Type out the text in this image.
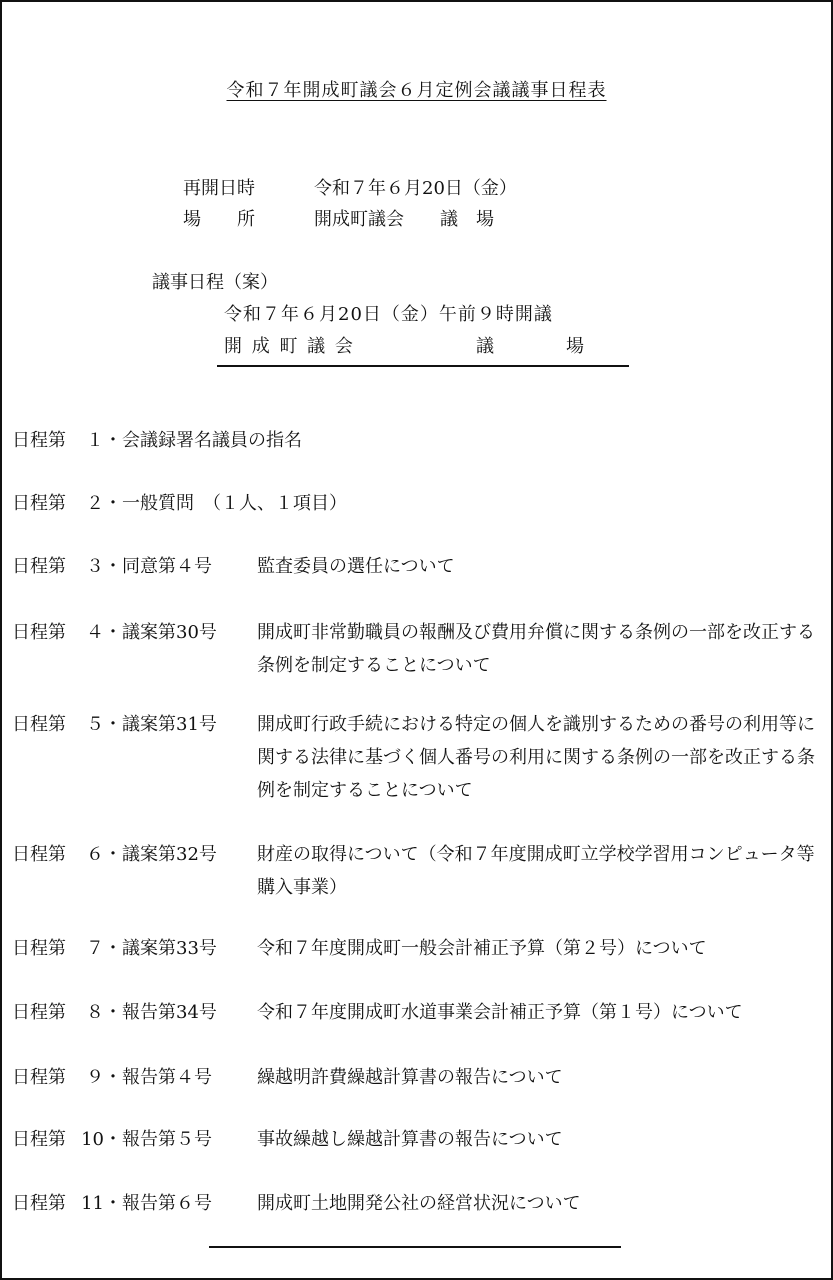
令和７年開成町議会６月定例会議議事日程表
再開日時	令和７年６月20日（金）
場　　所	開成町議会　　議　場
議事日程（案）
令和７年６月20日（金）午前９時開議
開 成 町 議 会	議　　　　場
日程第	１・ 会議録署名議員の指名
日程第	２・ 一般質問　（１人、１項目）
日程第	３・ 同意第４号	監査委員の選任について
日程第	４・ 議案第30号 開成町非常勤職員の報酬及び費用弁償に関する条例の一部を改正する条例を制定することについて
日程第	５・ 議案第31号 開成町行政手続における特定の個人を識別するための番号の利用等に関する法律に基づく個人番号の利用に関する条例の一部を改正する条例を制定することについて
日程第	６・ 議案第32号 財産の取得について（令和７年度開成町立学校学習用コンピュータ等購入事業）
日程第	７・ 議案第33号 令和７年度開成町一般会計補正予算（第２号）について
日程第	８・ 報告第34号 令和７年度開成町水道事業会計補正予算（第１号）について
日程第	９・ 報告第４号	繰越明許費繰越計算書の報告について
日程第 10・ 報告第５号	事故繰越し繰越計算書の報告について
日程第 11・ 報告第６号	開成町土地開発公社の経営状況について
